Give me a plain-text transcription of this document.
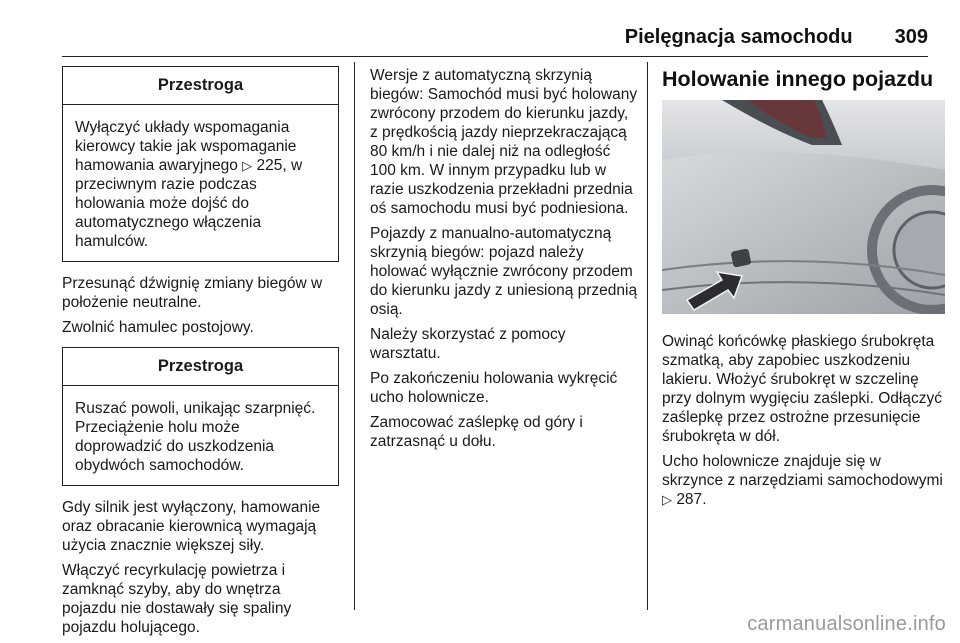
Pielęgnacja samochodu 309
Przestroga
Wyłączyć układy wspomagania kierowcy takie jak wspomaganie hamowania awaryjnego ▷ 225, w przeciwnym razie podczas holowania może dojść do automatycznego włączenia hamulców.

Przesunąć dźwignię zmiany biegów w położenie neutralne.

Zwolnić hamulec postojowy.

Przestroga
Ruszać powoli, unikając szarpnięć. Przeciążenie holu może doprowadzić do uszkodzenia obydwóch samochodów.

Gdy silnik jest wyłączony, hamowanie oraz obracanie kierownicą wymagają użycia znacznie większej siły.

Włączyć recyrkulację powietrza i zamknąć szyby, aby do wnętrza pojazdu nie dostawały się spaliny pojazdu holującego.

Wersje z automatyczną skrzynią biegów: Samochód musi być holowany zwrócony przodem do kierunku jazdy, z prędkością jazdy nieprzekraczającą 80 km/h i nie dalej niż na odległość 100 km. W innym przypadku lub w razie uszkodzenia przekładni przednia oś samochodu musi być podniesiona.

Pojazdy z manualno-automatyczną skrzynią biegów: pojazd należy holować wyłącznie zwrócony przodem do kierunku jazdy z uniesioną przednią osią.

Należy skorzystać z pomocy warsztatu.

Po zakończeniu holowania wykręcić ucho holownicze.

Zamocować zaślepkę od góry i zatrzasnąć u dołu.

Holowanie innego pojazdu

Owinąć końcówkę płaskiego śrubokręta szmatką, aby zapobiec uszkodzeniu lakieru. Włożyć śrubokręt w szczelinę przy dolnym wygięciu zaślepki. Odłączyć zaślepkę przez ostrożne przesunięcie śrubokręta w dół.

Ucho holownicze znajduje się w skrzynce z narzędziami samochodowymi ▷ 287.

carmanualsonline.info
